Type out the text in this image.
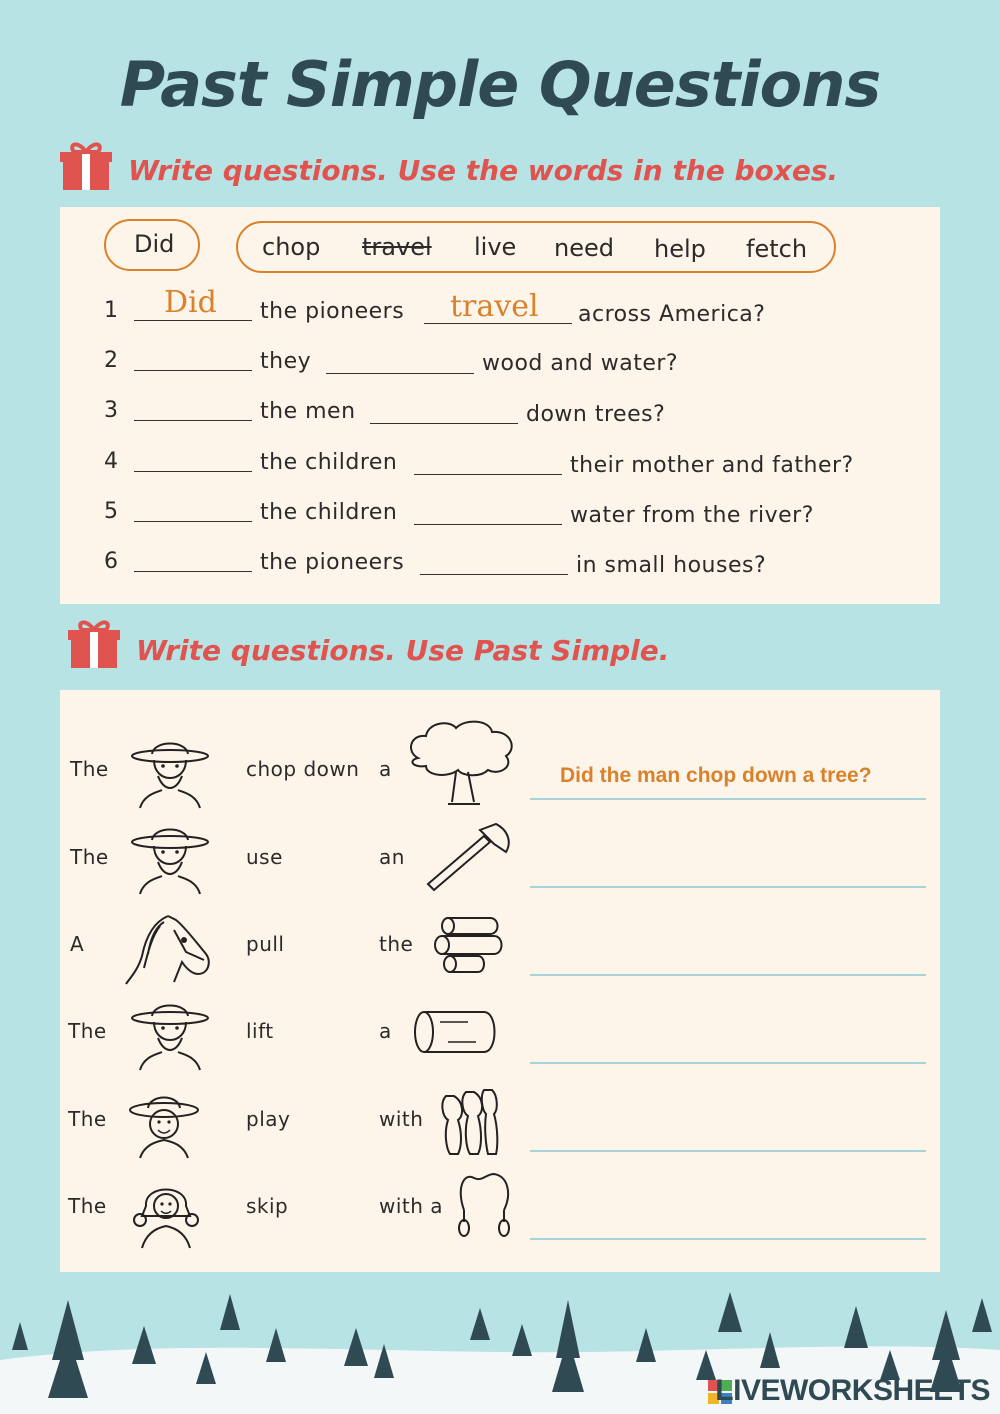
Past Simple Questions
Write questions. Use the words in the boxes.
Did	chop travel live need help fetch
1 Did the pioneers travel across America?
2	they	wood and water?
3	the men	down trees?
4	the children	their mother and father?
5	the children	water from the river?
6	the pioneers	in small houses?
Write questions. Use Past Simple.
The	chop down a	Did the man chop down a tree?
The	use	an
A	pull	the
The	lift	a
The	play	with
The	skip	with a
LIVEWORKSHEETS
